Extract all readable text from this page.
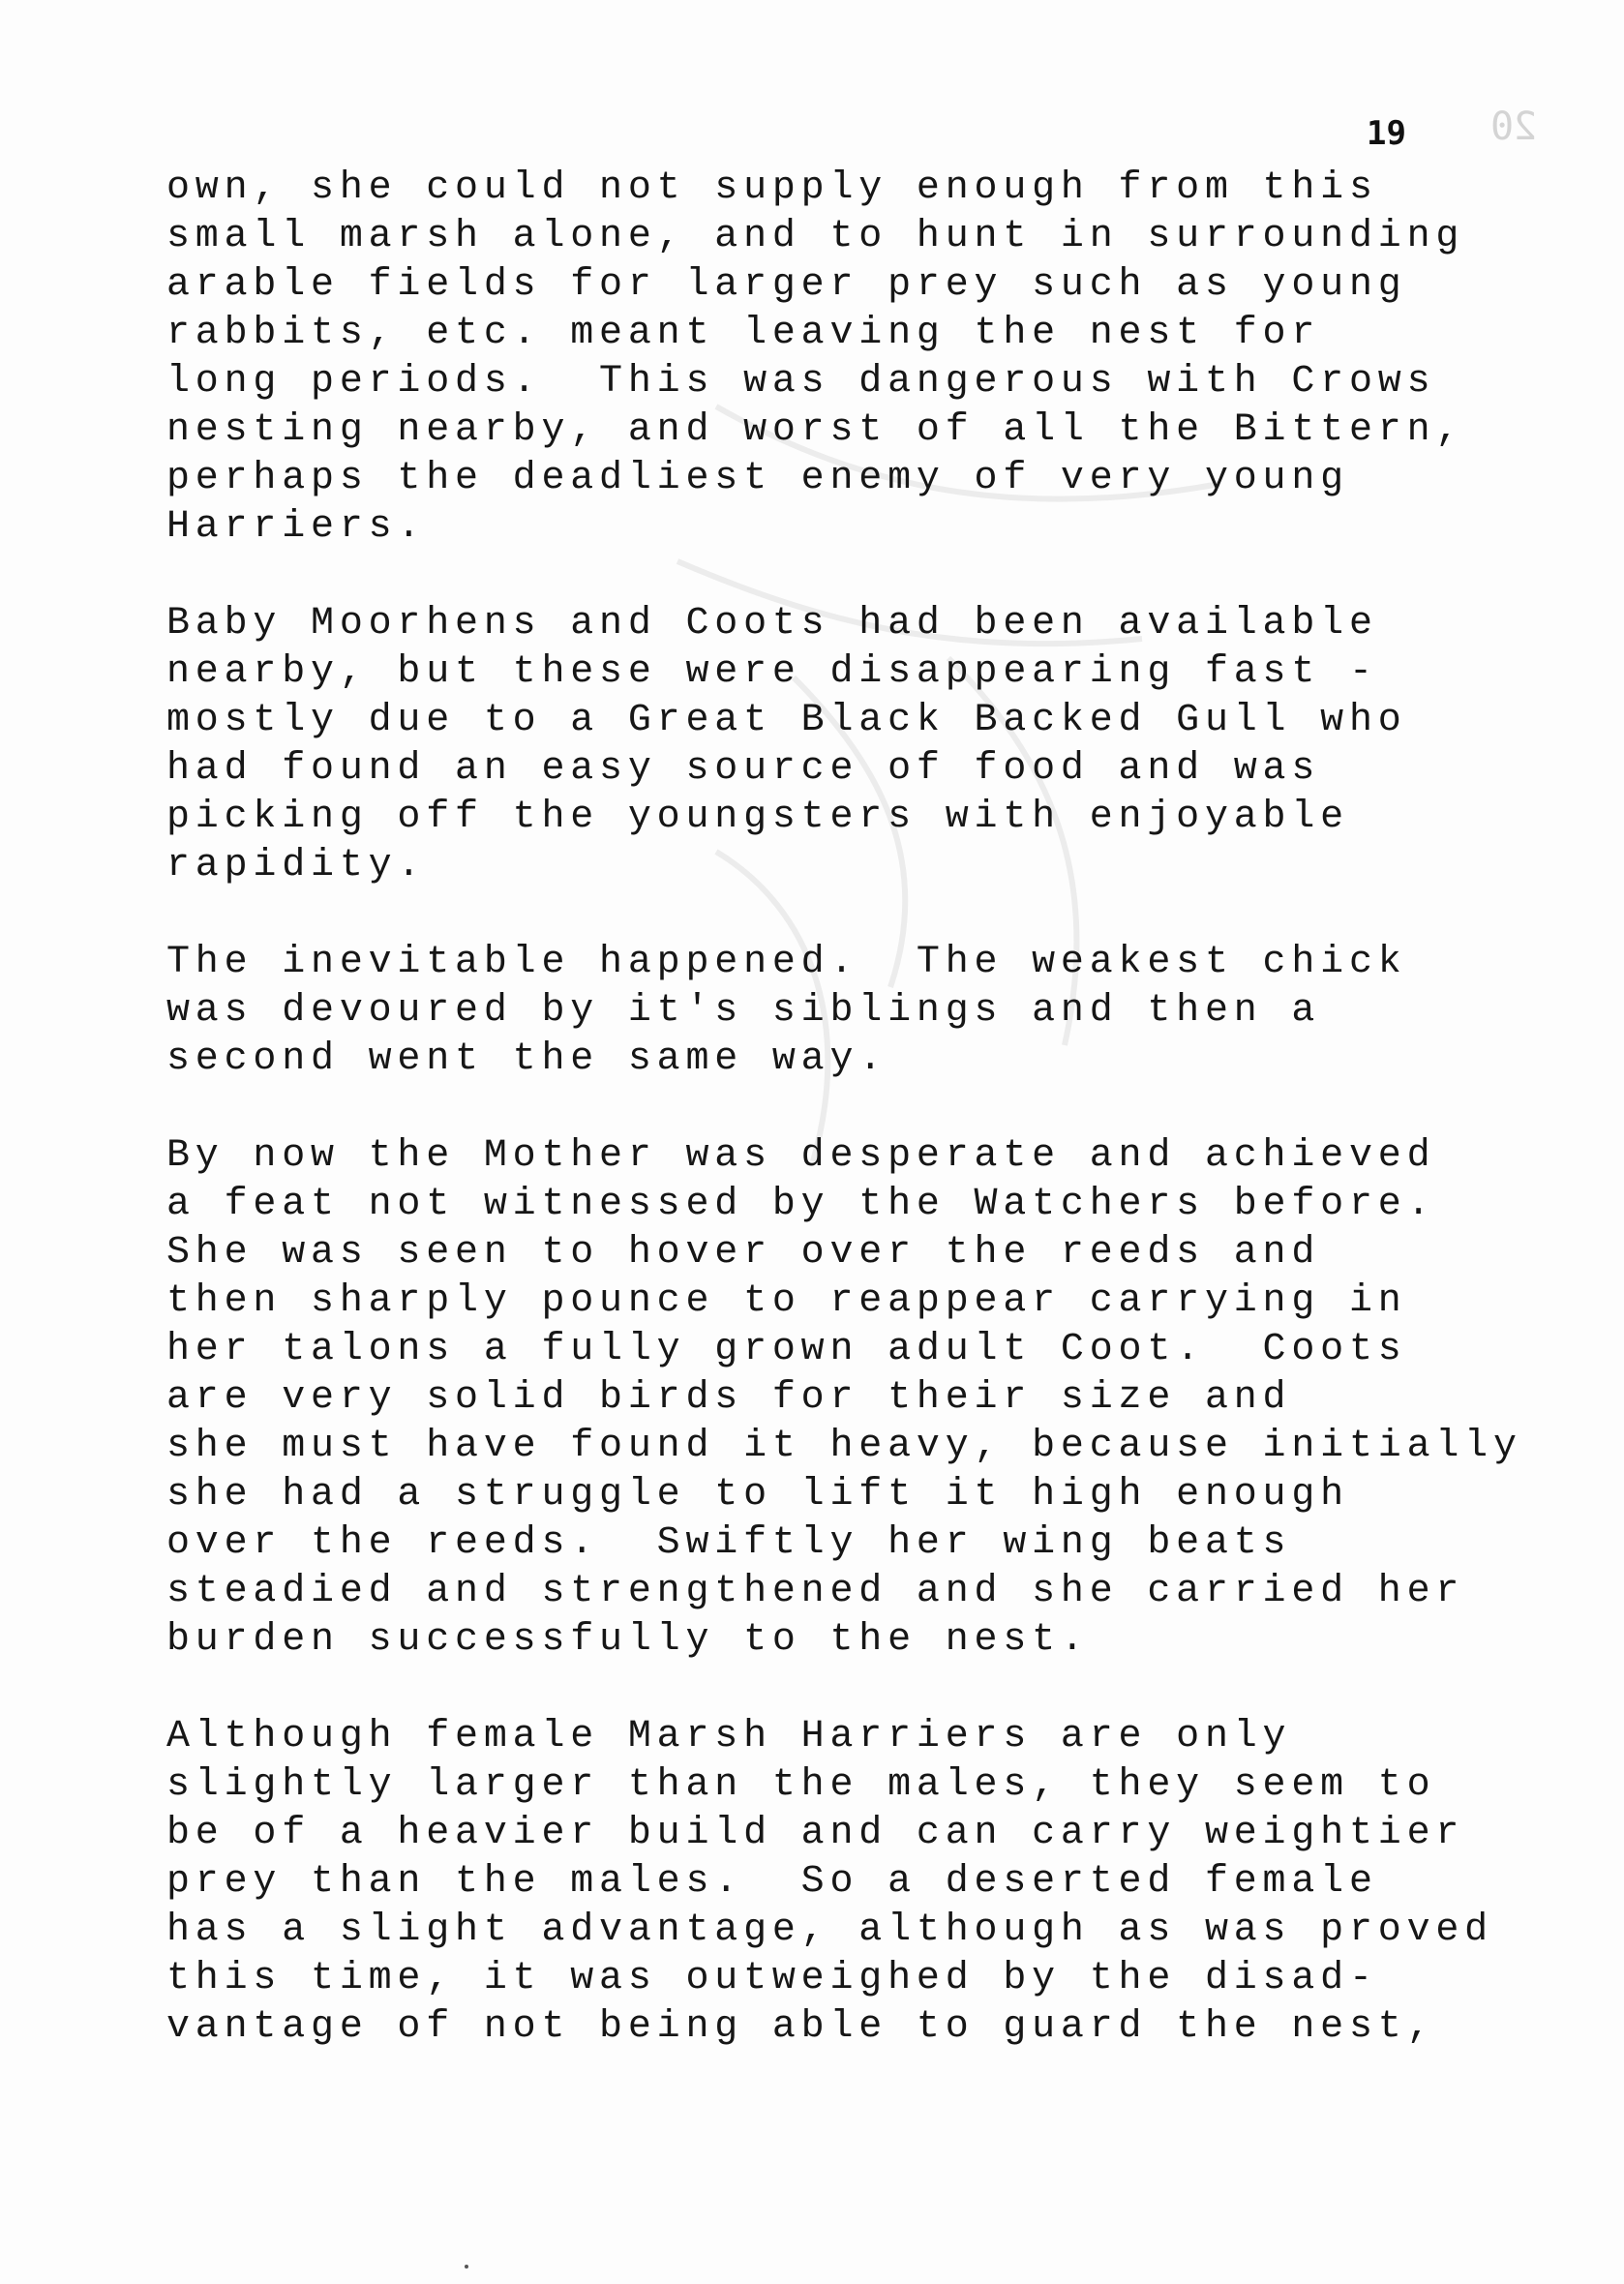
20
19
own, she could not supply enough from this
small marsh alone, and to hunt in surrounding
arable fields for larger prey such as young
rabbits, etc. meant leaving the nest for
long periods.  This was dangerous with Crows
nesting nearby, and worst of all the Bittern,
perhaps the deadliest enemy of very young
Harriers.
Baby Moorhens and Coots had been available
nearby, but these were disappearing fast -
mostly due to a Great Black Backed Gull who
had found an easy source of food and was
picking off the youngsters with enjoyable
rapidity.
The inevitable happened.  The weakest chick
was devoured by it's siblings and then a
second went the same way.
By now the Mother was desperate and achieved
a feat not witnessed by the Watchers before.
She was seen to hover over the reeds and
then sharply pounce to reappear carrying in
her talons a fully grown adult Coot.  Coots
are very solid birds for their size and
she must have found it heavy, because initially
she had a struggle to lift it high enough
over the reeds.  Swiftly her wing beats
steadied and strengthened and she carried her
burden successfully to the nest.
Although female Marsh Harriers are only
slightly larger than the males, they seem to
be of a heavier build and can carry weightier
prey than the males.  So a deserted female
has a slight advantage, although as was proved
this time, it was outweighed by the disad-
vantage of not being able to guard the nest,
